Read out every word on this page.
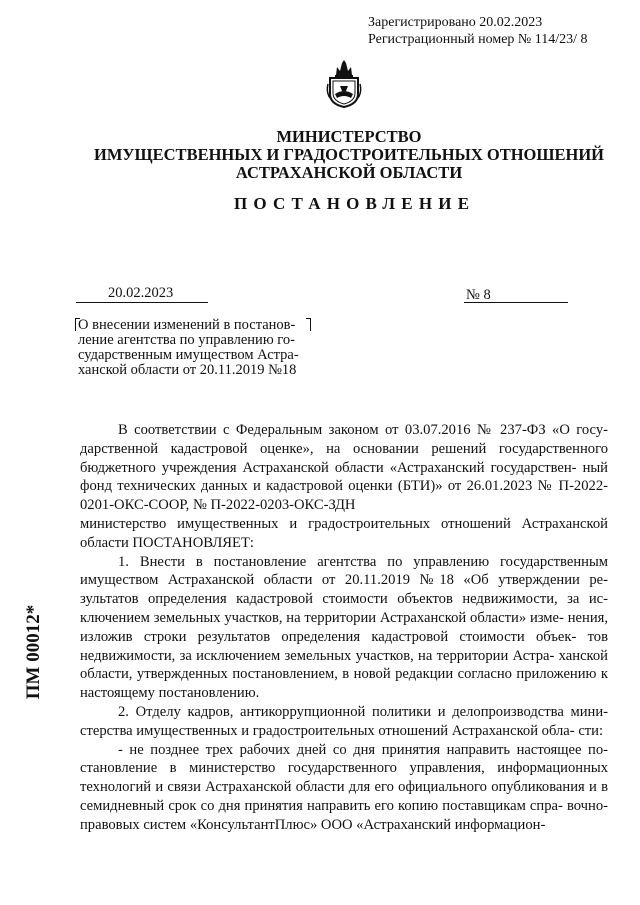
Зарегистрировано 20.02.2023
Регистрационный номер № 114/23/ 8
МИНИСТЕРСТВО
ИМУЩЕСТВЕННЫХ И ГРАДОСТРОИТЕЛЬНЫХ ОТНОШЕНИЙ
АСТРАХАНСКОЙ ОБЛАСТИ
ПОСТАНОВЛЕНИЕ
20.02.2023	№ 8
О внесении изменений в постанов-
ление агентства по управлению го-
сударственным имуществом Астра-
ханской области от 20.11.2019 №18

В соответствии с Федеральным законом от 03.07.2016 № 237-ФЗ «О госу- дарственной кадастровой оценке», на основании решений государственного бюджетного учреждения Астраханской области «Астраханский государствен- ный фонд технических данных и кадастровой оценки (БТИ)» от 26.01.2023 № П-2022-0201-ОКС-СООР, № П-2022-0203-ОКС-ЗДН

министерство имущественных и градостроительных отношений Астраханской области ПОСТАНОВЛЯЕТ:

1. Внести в постановление агентства по управлению государственным имуществом Астраханской области от 20.11.2019 №18 «Об утверждении ре- зультатов определения кадастровой стоимости объектов недвижимости, за ис- ключением земельных участков, на территории Астраханской области» изме- нения, изложив строки результатов определения кадастровой стоимости объек- тов недвижимости, за исключением земельных участков, на территории Астра- ханской области, утвержденных постановлением, в новой редакции согласно приложению к настоящему постановлению.

2. Отделу кадров, антикоррупционной политики и делопроизводства мини- стерства имущественных и градостроительных отношений Астраханской обла- сти:

- не позднее трех рабочих дней со дня принятия направить настоящее по- становление в министерство государственного управления, информационных технологий и связи Астраханской области для его официального опубликования и в семидневный срок со дня принятия направить его копию поставщикам спра- вочно-правовых систем «КонсультантПлюс» ООО «Астраханский информацион-

ПМ 00012*
